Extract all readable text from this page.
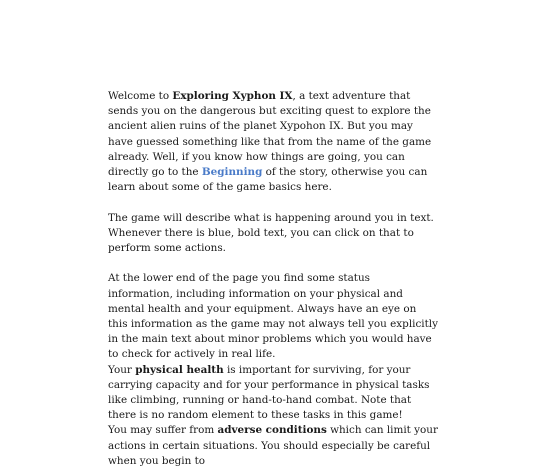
Welcome to Exploring Xyphon IX, a text adventure that sends you on the dangerous but exciting quest to explore the ancient alien ruins of the planet Xypohon IX. But you may have guessed something like that from the name of the game already. Well, if you know how things are going, you can directly go to the Beginning of the story, otherwise you can learn about some of the game basics here.

The game will describe what is happening around you in text. Whenever there is blue, bold text, you can click on that to perform some actions.

At the lower end of the page you find some status information, including information on your physical and mental health and your equipment. Always have an eye on this information as the game may not always tell you explicitly in the main text about minor problems which you would have to check for actively in real life.

Your physical health is important for surviving, for your carrying capacity and for your performance in physical tasks like climbing, running or hand-to-hand combat. Note that there is no random element to these tasks in this game!

You may suffer from adverse conditions which can limit your actions in certain situations. You should especially be careful when you begin to
